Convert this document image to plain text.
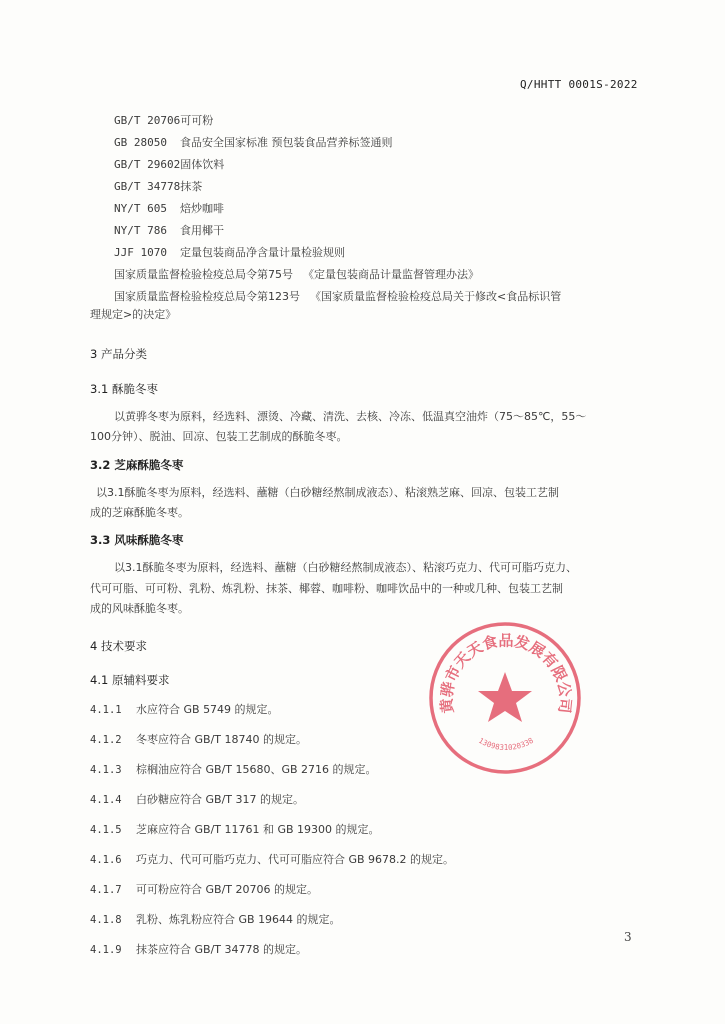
Q/HHTT 0001S-2022
GB/T 20706可可粉
GB 28050 食品安全国家标准 预包装食品营养标签通则
GB/T 29602固体饮料
GB/T 34778抹茶
NY/T 605 焙炒咖啡
NY/T 786 食用椰干
JJF 1070 定量包装商品净含量计量检验规则
国家质量监督检验检疫总局令第75号 《定量包装商品计量监督管理办法》
国家质量监督检验检疫总局令第123号 《国家质量监督检验检疫总局关于修改<食品标识管
理规定>的决定》
3 产品分类
3.1 酥脆冬枣
以黄骅冬枣为原料，经选料、漂烫、冷藏、清洗、去核、冷冻、低温真空油炸（75～85℃，55～
100分钟）、脱油、回凉、包装工艺制成的酥脆冬枣。
3.2 芝麻酥脆冬枣
以3.1酥脆冬枣为原料，经选料、蘸糖（白砂糖经熬制成液态）、粘滚熟芝麻、回凉、包装工艺制
成的芝麻酥脆冬枣。
3.3 风味酥脆冬枣
以3.1酥脆冬枣为原料，经选料、蘸糖（白砂糖经熬制成液态）、粘滚巧克力、代可可脂巧克力、
代可可脂、可可粉、乳粉、炼乳粉、抹茶、椰蓉、咖啡粉、咖啡饮品中的一种或几种、包装工艺制
成的风味酥脆冬枣。
4 技术要求
4.1 原辅料要求
4.1.1 水应符合 GB 5749 的规定。
4.1.2 冬枣应符合 GB/T 18740 的规定。
4.1.3 棕榈油应符合 GB/T 15680、GB 2716 的规定。
4.1.4 白砂糖应符合 GB/T 317 的规定。
4.1.5 芝麻应符合 GB/T 11761 和 GB 19300 的规定。
4.1.6 巧克力、代可可脂巧克力、代可可脂应符合 GB 9678.2 的规定。
4.1.7 可可粉应符合 GB/T 20706 的规定。
4.1.8 乳粉、炼乳粉应符合 GB 19644 的规定。
4.1.9 抹茶应符合 GB/T 34778 的规定。
黄骅市天天食品发展有限公司
1309831020338
3
